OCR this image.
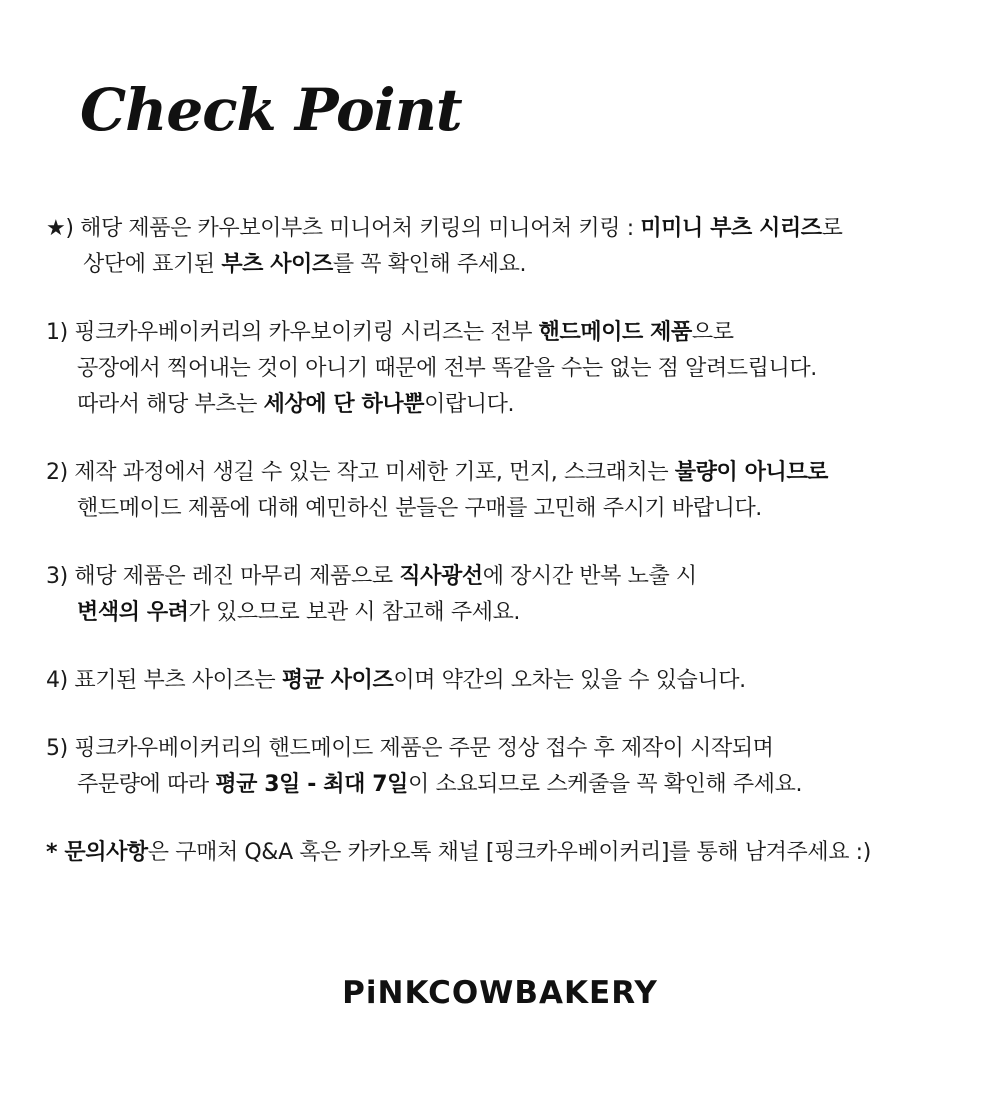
Check Point
★) 해당 제품은 카우보이부츠 미니어처 키링의 미니어처 키링 : 미미니 부츠 시리즈로
상단에 표기된 부츠 사이즈를 꼭 확인해 주세요.
1) 핑크카우베이커리의 카우보이키링 시리즈는 전부 핸드메이드 제품으로
공장에서 찍어내는 것이 아니기 때문에 전부 똑같을 수는 없는 점 알려드립니다.
따라서 해당 부츠는 세상에 단 하나뿐이랍니다.
2) 제작 과정에서 생길 수 있는 작고 미세한 기포, 먼지, 스크래치는 불량이 아니므로
핸드메이드 제품에 대해 예민하신 분들은 구매를 고민해 주시기 바랍니다.
3) 해당 제품은 레진 마무리 제품으로 직사광선에 장시간 반복 노출 시
변색의 우려가 있으므로 보관 시 참고해 주세요.
4) 표기된 부츠 사이즈는 평균 사이즈이며 약간의 오차는 있을 수 있습니다.
5) 핑크카우베이커리의 핸드메이드 제품은 주문 정상 접수 후 제작이 시작되며
주문량에 따라 평균 3일 - 최대 7일이 소요되므로 스케줄을 꼭 확인해 주세요.
* 문의사항은 구매처 Q&A 혹은 카카오톡 채널 [핑크카우베이커리]를 통해 남겨주세요 :)
PiNKCOWBAKERY
